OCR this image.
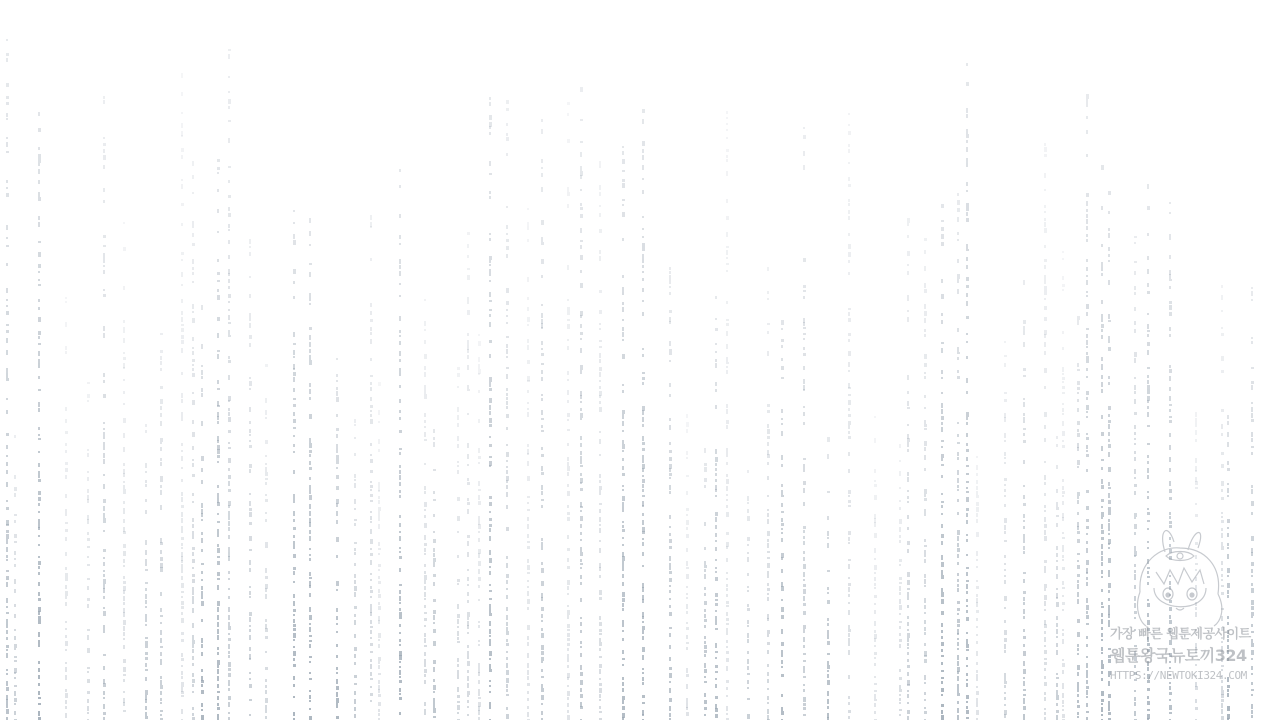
가장 빠른 웹툰제공사이트
웹툰왕국뉴토끼324
HTTPS://NEWTOKI324.COM
